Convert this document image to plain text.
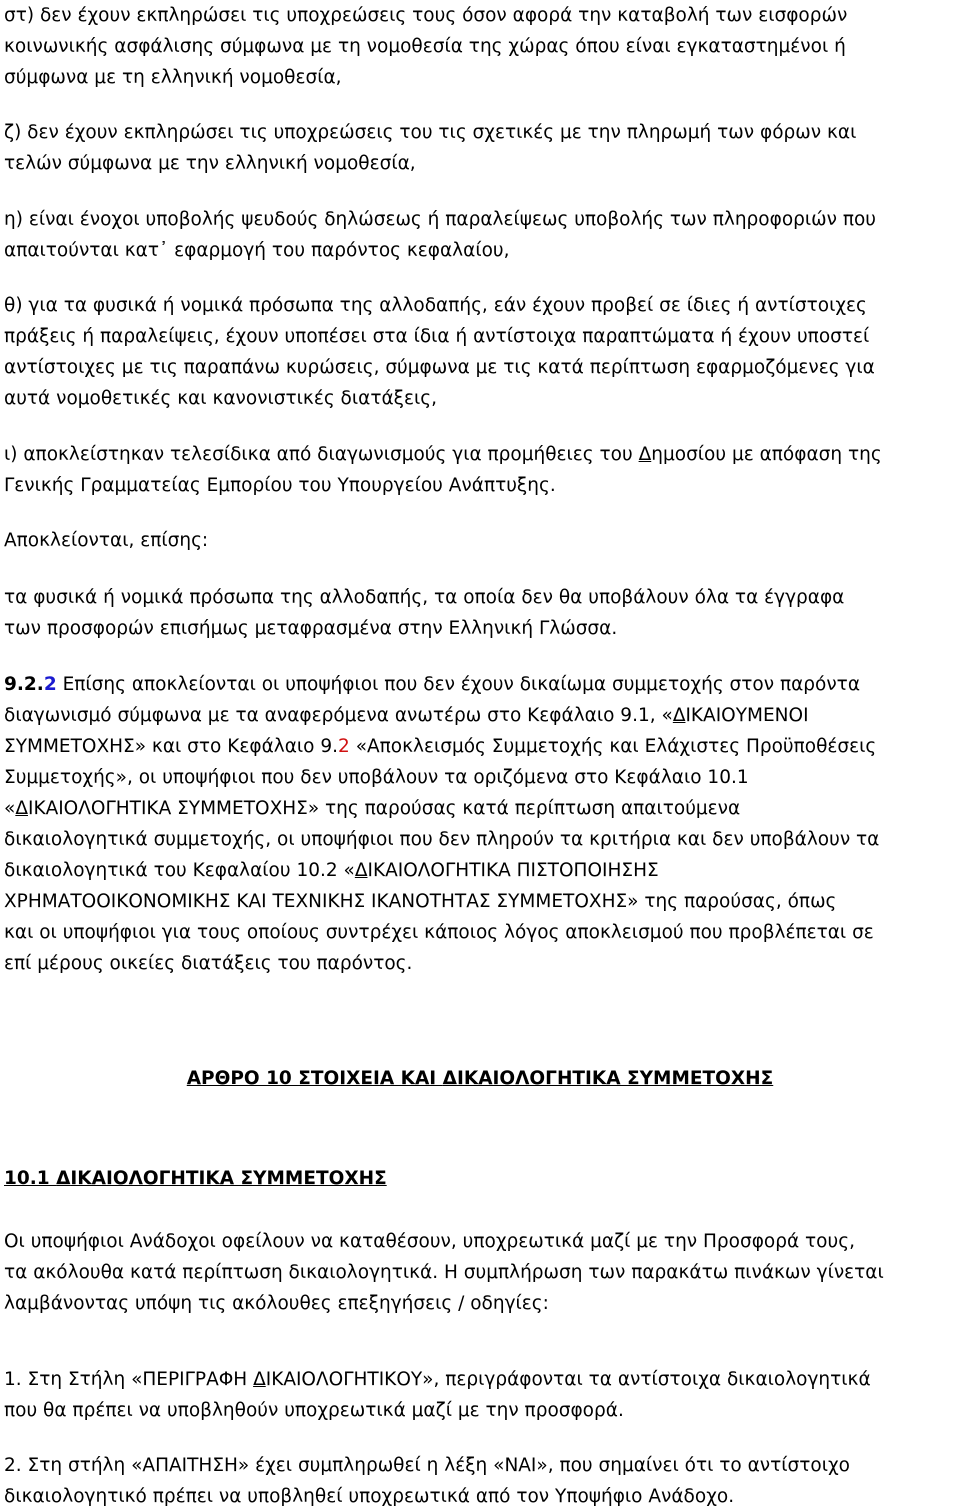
στ) δεν έχουν εκπληρώσει τις υποχρεώσεις τους όσον αφορά την καταβολή των εισφορών
κοινωνικής ασφάλισης σύμφωνα με τη νομοθεσία της χώρας όπου είναι εγκαταστημένοι ή
σύμφωνα με τη ελληνική νομοθεσία,
ζ) δεν έχουν εκπληρώσει τις υποχρεώσεις του τις σχετικές με την πληρωμή των φόρων και
τελών σύμφωνα με την ελληνική νομοθεσία,
η) είναι ένοχοι υποβολής ψευδούς δηλώσεως ή παραλείψεως υποβολής των πληροφοριών που
απαιτούνται κατ᾽ εφαρμογή του παρόντος κεφαλαίου,
θ) για τα φυσικά ή νομικά πρόσωπα της αλλοδαπής, εάν έχουν προβεί σε ίδιες ή αντίστοιχες
πράξεις ή παραλείψεις, έχουν υποπέσει στα ίδια ή αντίστοιχα παραπτώματα ή έχουν υποστεί
αντίστοιχες με τις παραπάνω κυρώσεις, σύμφωνα με τις κατά περίπτωση εφαρμοζόμενες για
αυτά νομοθετικές και κανονιστικές διατάξεις,
ι) αποκλείστηκαν τελεσίδικα από διαγωνισμούς για προμήθειες του Δημοσίου με απόφαση της
Γενικής Γραμματείας Εμπορίου του Υπουργείου Ανάπτυξης.
Αποκλείονται, επίσης:
τα φυσικά ή νομικά πρόσωπα της αλλοδαπής, τα οποία δεν θα υποβάλουν όλα τα έγγραφα
των προσφορών επισήμως μεταφρασμένα στην Ελληνική Γλώσσα.
9.2.2 Επίσης αποκλείονται οι υποψήφιοι που δεν έχουν δικαίωμα συμμετοχής στον παρόντα
διαγωνισμό σύμφωνα με τα αναφερόμενα ανωτέρω στο Κεφάλαιο 9.1, «ΔΙΚΑΙΟΥΜΕΝΟΙ
ΣΥΜΜΕΤΟΧΗΣ» και στο Κεφάλαιο 9.2 «Αποκλεισμός Συμμετοχής και Ελάχιστες Προϋποθέσεις
Συμμετοχής», οι υποψήφιοι που δεν υποβάλουν τα οριζόμενα στο Κεφάλαιο 10.1
«ΔΙΚΑΙΟΛΟΓΗΤΙΚΑ ΣΥΜΜΕΤΟΧΗΣ» της παρούσας κατά περίπτωση απαιτούμενα
δικαιολογητικά συμμετοχής, οι υποψήφιοι που δεν πληρούν τα κριτήρια και δεν υποβάλουν τα
δικαιολογητικά του Κεφαλαίου 10.2 «ΔΙΚΑΙΟΛΟΓΗΤΙΚΑ ΠΙΣΤΟΠΟΙΗΣΗΣ
ΧΡΗΜΑΤΟΟΙΚΟΝΟΜΙΚΗΣ ΚΑΙ ΤΕΧΝΙΚΗΣ ΙΚΑΝΟΤΗΤΑΣ ΣΥΜΜΕΤΟΧΗΣ» της παρούσας, όπως
και οι υποψήφιοι για τους οποίους συντρέχει κάποιος λόγος αποκλεισμού που προβλέπεται σε
επί μέρους οικείες διατάξεις του παρόντος.
ΑΡΘΡΟ 10 ΣΤΟΙΧΕΙΑ ΚΑΙ ΔΙΚΑΙΟΛΟΓΗΤΙΚΑ ΣΥΜΜΕΤΟΧΗΣ
10.1 ΔΙΚΑΙΟΛΟΓΗΤΙΚΑ ΣΥΜΜΕΤΟΧΗΣ
Οι υποψήφιοι Ανάδοχοι οφείλουν να καταθέσουν, υποχρεωτικά μαζί με την Προσφορά τους,
τα ακόλουθα κατά περίπτωση δικαιολογητικά. Η συμπλήρωση των παρακάτω πινάκων γίνεται
λαμβάνοντας υπόψη τις ακόλουθες επεξηγήσεις / οδηγίες:
1. Στη Στήλη «ΠΕΡΙΓΡΑΦΗ ΔΙΚΑΙΟΛΟΓΗΤΙΚΟΥ», περιγράφονται τα αντίστοιχα δικαιολογητικά
που θα πρέπει να υποβληθούν υποχρεωτικά μαζί με την προσφορά.
2. Στη στήλη «ΑΠΑΙΤΗΣΗ» έχει συμπληρωθεί η λέξη «ΝΑΙ», που σημαίνει ότι το αντίστοιχο
δικαιολογητικό πρέπει να υποβληθεί υποχρεωτικά από τον Υποψήφιο Ανάδοχο.
